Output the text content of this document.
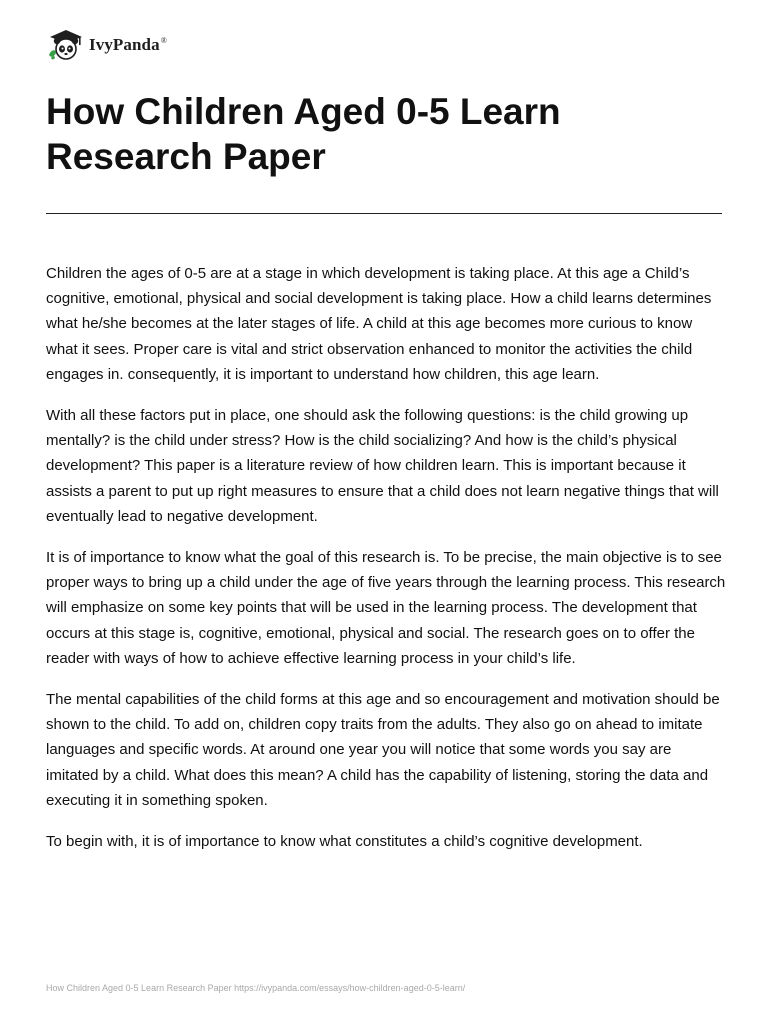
IvyPanda®
How Children Aged 0-5 Learn Research Paper

Children the ages of 0-5 are at a stage in which development is taking place. At this age a Child’s cognitive, emotional, physical and social development is taking place. How a child learns determines what he/she becomes at the later stages of life. A child at this age becomes more curious to know what it sees. Proper care is vital and strict observation enhanced to monitor the activities the child engages in. consequently, it is important to understand how children, this age learn.

With all these factors put in place, one should ask the following questions: is the child growing up mentally? is the child under stress? How is the child socializing? And how is the child’s physical development? This paper is a literature review of how children learn. This is important because it assists a parent to put up right measures to ensure that a child does not learn negative things that will eventually lead to negative development.

It is of importance to know what the goal of this research is. To be precise, the main objective is to see proper ways to bring up a child under the age of five years through the learning process. This research will emphasize on some key points that will be used in the learning process. The development that occurs at this stage is, cognitive, emotional, physical and social. The research goes on to offer the reader with ways of how to achieve effective learning process in your child’s life.

The mental capabilities of the child forms at this age and so encouragement and motivation should be shown to the child. To add on, children copy traits from the adults. They also go on ahead to imitate languages and specific words. At around one year you will notice that some words you say are imitated by a child. What does this mean? A child has the capability of listening, storing the data and executing it in something spoken.

To begin with, it is of importance to know what constitutes a child’s cognitive development.

How Children Aged 0-5 Learn Research Paper https://ivypanda.com/essays/how-children-aged-0-5-learn/
